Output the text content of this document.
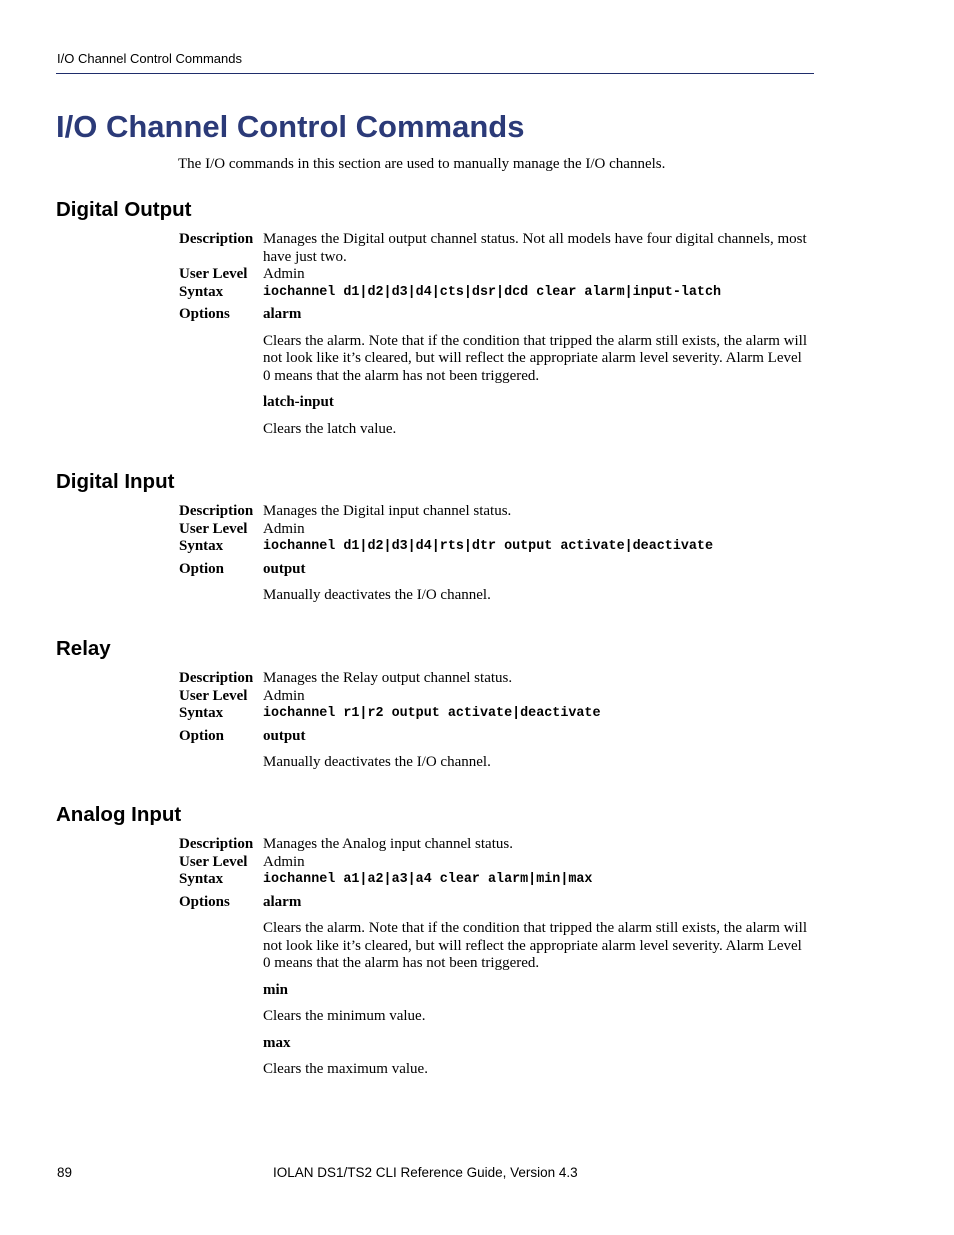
I/O Channel Control Commands
I/O Channel Control Commands
The I/O commands in this section are used to manually manage the I/O channels.
Digital Output
Description Manages the Digital output channel status. Not all models have four digital channels, most have just two.
User Level	Admin
Syntax	iochannel d1|d2|d3|d4|cts|dsr|dcd clear alarm|input-latch
Options	alarm
Clears the alarm. Note that if the condition that tripped the alarm still exists, the alarm will not look like it’s cleared, but will reflect the appropriate alarm level severity. Alarm Level 0 means that the alarm has not been triggered.
latch-input
Clears the latch value.
Digital Input
Description Manages the Digital input channel status.
User Level	Admin
Syntax	iochannel d1|d2|d3|d4|rts|dtr output activate|deactivate
Option	output
Manually deactivates the I/O channel.
Relay
Description Manages the Relay output channel status.
User Level	Admin
Syntax	iochannel r1|r2 output activate|deactivate
Option	output
Manually deactivates the I/O channel.
Analog Input
Description Manages the Analog input channel status.
User Level	Admin
Syntax	iochannel a1|a2|a3|a4 clear alarm|min|max
Options	alarm
Clears the alarm. Note that if the condition that tripped the alarm still exists, the alarm will not look like it’s cleared, but will reflect the appropriate alarm level severity. Alarm Level 0 means that the alarm has not been triggered.
min
Clears the minimum value.
max
Clears the maximum value.
89	IOLAN DS1/TS2 CLI Reference Guide, Version 4.3
